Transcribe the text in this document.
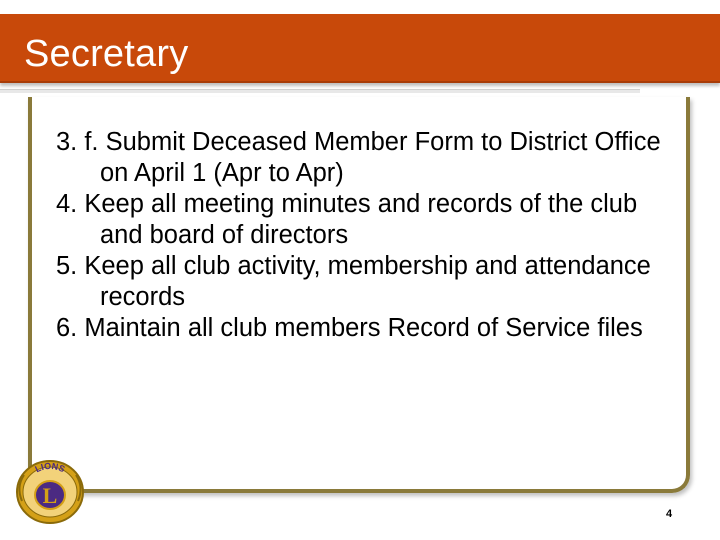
Secretary
3. f. Submit Deceased Member Form to District Office on April 1 (Apr to Apr)
4. Keep all meeting minutes and records of the club and board of directors
5. Keep all club activity, membership and attendance records
6. Maintain all club members Record of Service files
LIONS
L
4
